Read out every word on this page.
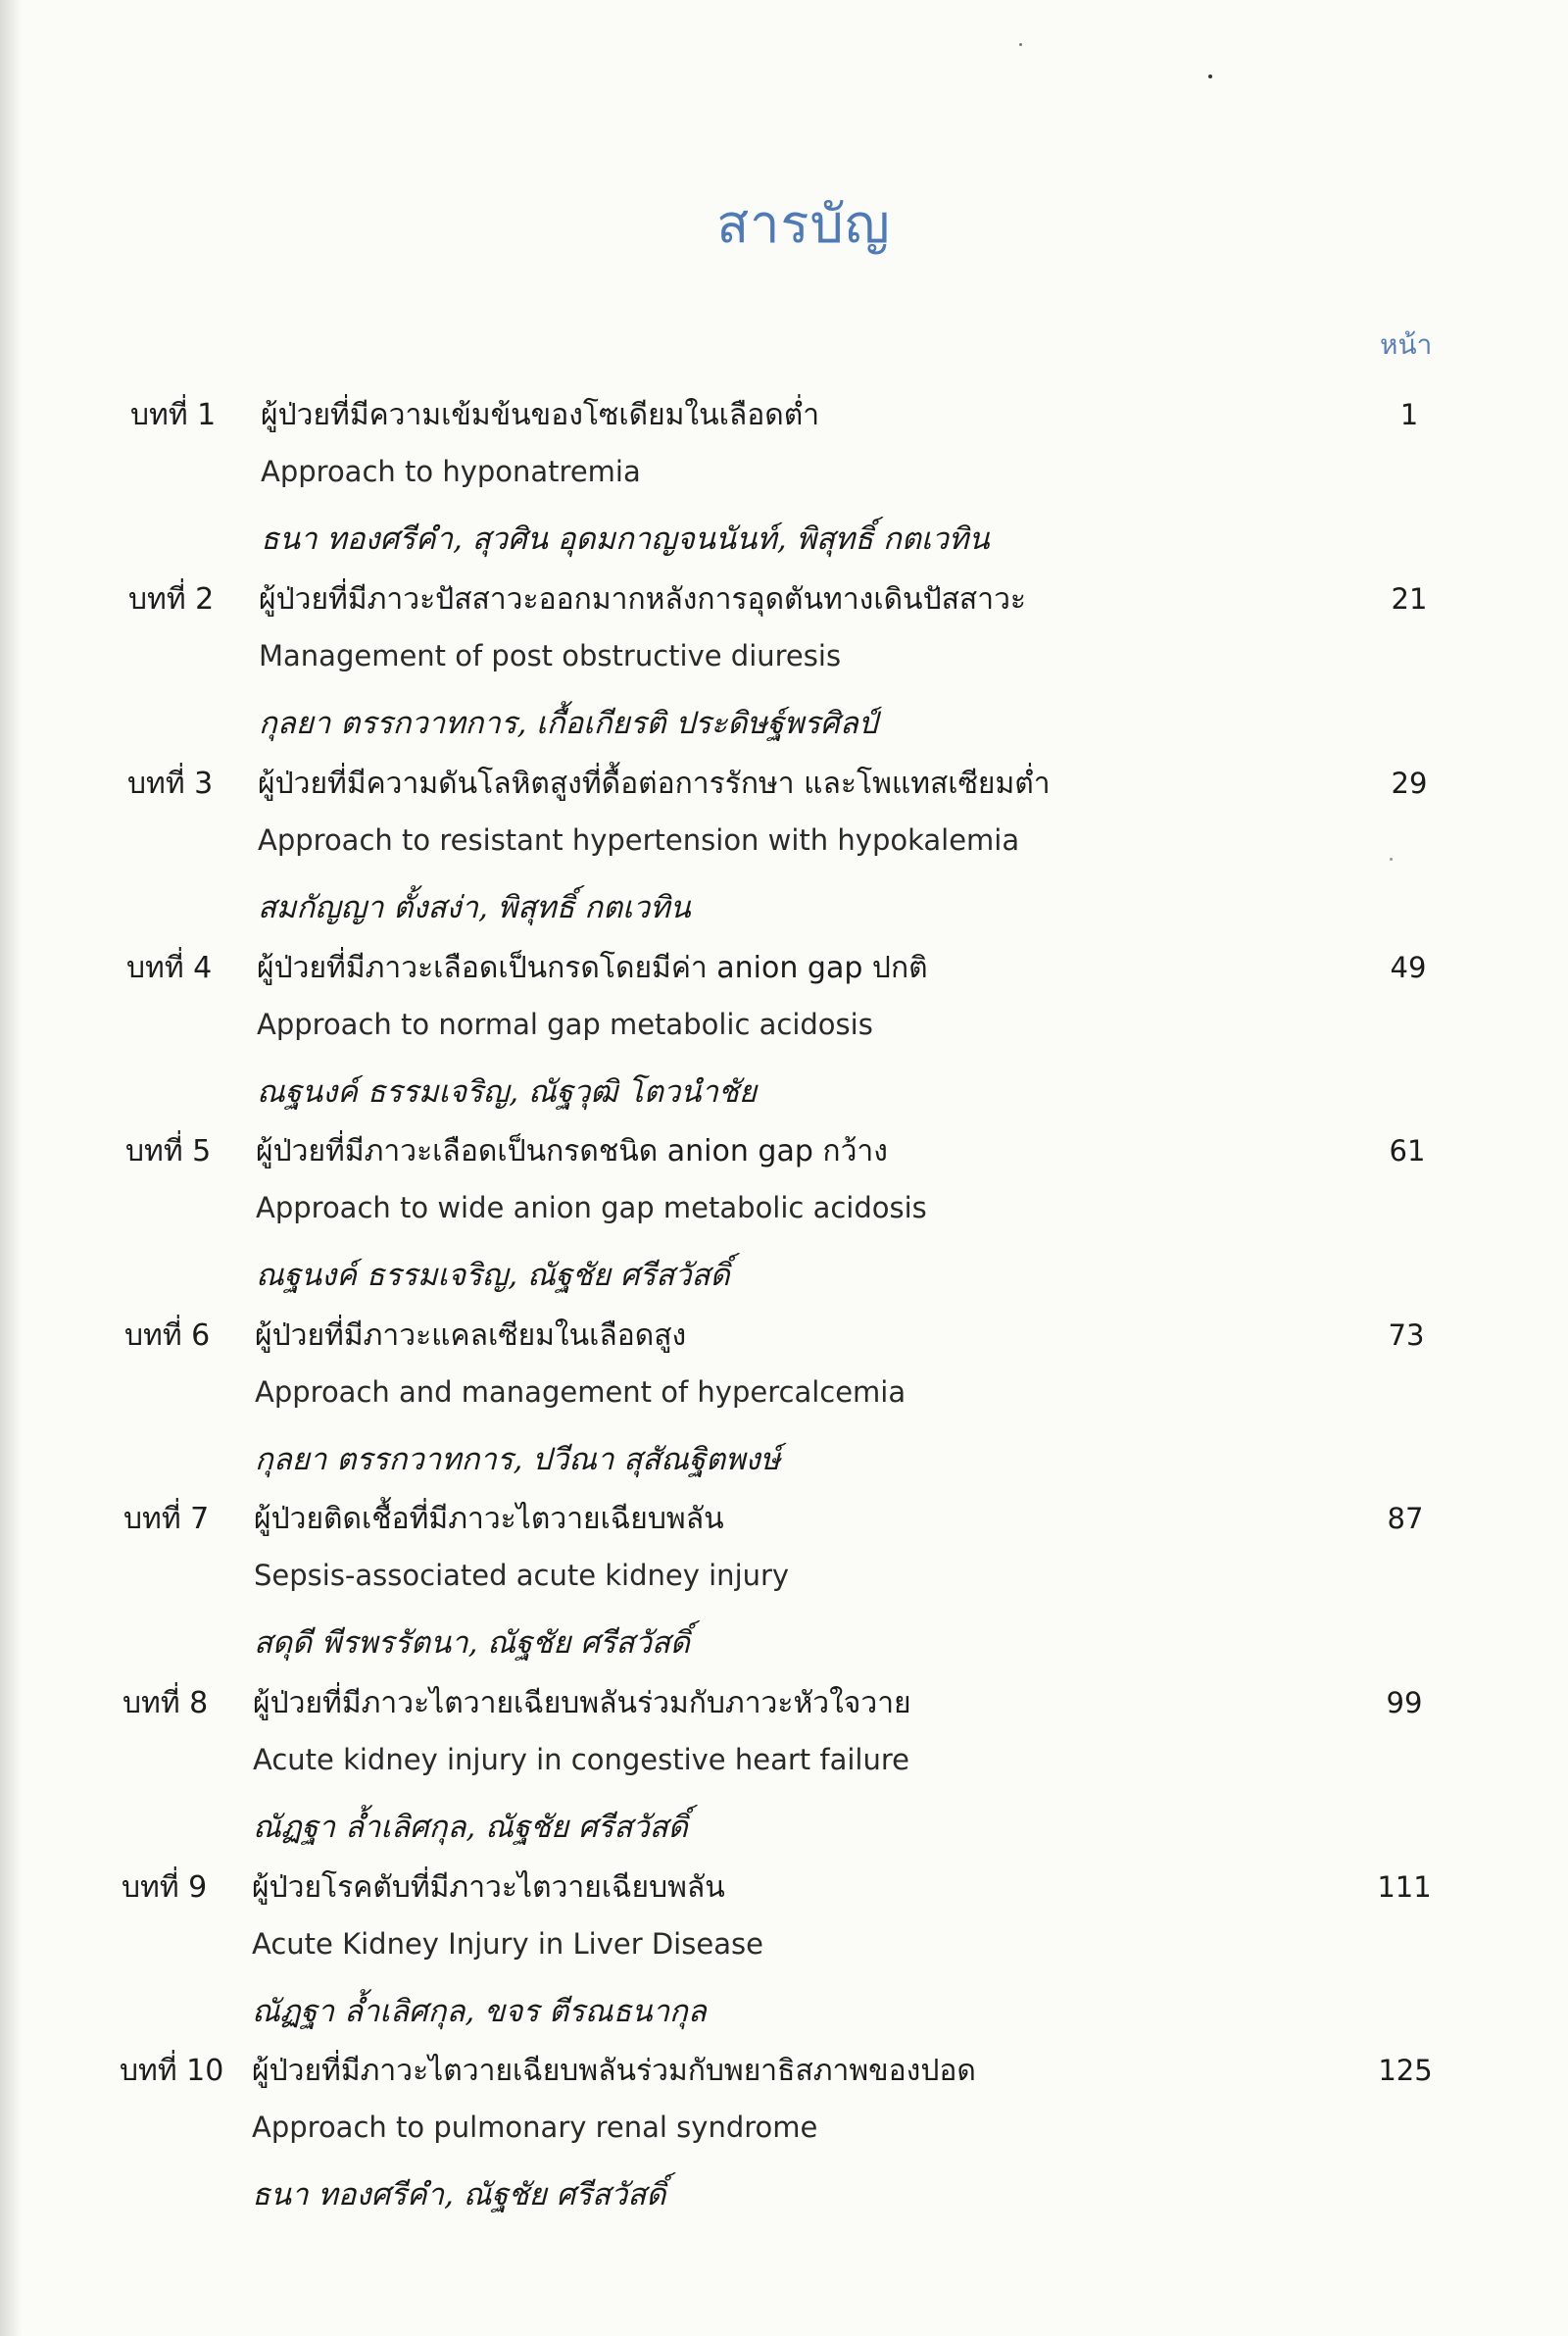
สารบัญ
หน้า
บทที่ 1 ผู้ป่วยที่มีความเข้มข้นของโซเดียมในเลือดต่ำ
Approach to hyponatremia
ธนา ทองศรีคำ, สุวศิน อุดมกาญจนนันท์, พิสุทธิ์ กตเวทิน
1
บทที่ 2 ผู้ป่วยที่มีภาวะปัสสาวะออกมากหลังการอุดตันทางเดินปัสสาวะ
Management of post obstructive diuresis
กุลยา ตรรกวาทการ, เกื้อเกียรติ ประดิษฐ์พรศิลป์
21
บทที่ 3 ผู้ป่วยที่มีความดันโลหิตสูงที่ดื้อต่อการรักษา และโพแทสเซียมต่ำ
Approach to resistant hypertension with hypokalemia
สมกัญญา ตั้งสง่า, พิสุทธิ์ กตเวทิน
29
บทที่ 4 ผู้ป่วยที่มีภาวะเลือดเป็นกรดโดยมีค่า anion gap ปกติ
Approach to normal gap metabolic acidosis
ณฐนงค์ ธรรมเจริญ, ณัฐวุฒิ โตวนำชัย
49
บทที่ 5 ผู้ป่วยที่มีภาวะเลือดเป็นกรดชนิด anion gap กว้าง
Approach to wide anion gap metabolic acidosis
ณฐนงค์ ธรรมเจริญ, ณัฐชัย ศรีสวัสดิ์
61
บทที่ 6 ผู้ป่วยที่มีภาวะแคลเซียมในเลือดสูง
Approach and management of hypercalcemia
กุลยา ตรรกวาทการ, ปวีณา สุสัณฐิตพงษ์
73
บทที่ 7 ผู้ป่วยติดเชื้อที่มีภาวะไตวายเฉียบพลัน
Sepsis-associated acute kidney injury
สดุดี พีรพรรัตนา, ณัฐชัย ศรีสวัสดิ์
87
บทที่ 8 ผู้ป่วยที่มีภาวะไตวายเฉียบพลันร่วมกับภาวะหัวใจวาย
Acute kidney injury in congestive heart failure
ณัฏฐา ล้ำเลิศกุล, ณัฐชัย ศรีสวัสดิ์
99
บทที่ 9 ผู้ป่วยโรคตับที่มีภาวะไตวายเฉียบพลัน
Acute Kidney Injury in Liver Disease
ณัฏฐา ล้ำเลิศกุล, ขจร ตีรณธนากุล
111
บทที่ 10 ผู้ป่วยที่มีภาวะไตวายเฉียบพลันร่วมกับพยาธิสภาพของปอด
Approach to pulmonary renal syndrome
ธนา ทองศรีคำ, ณัฐชัย ศรีสวัสดิ์
125
